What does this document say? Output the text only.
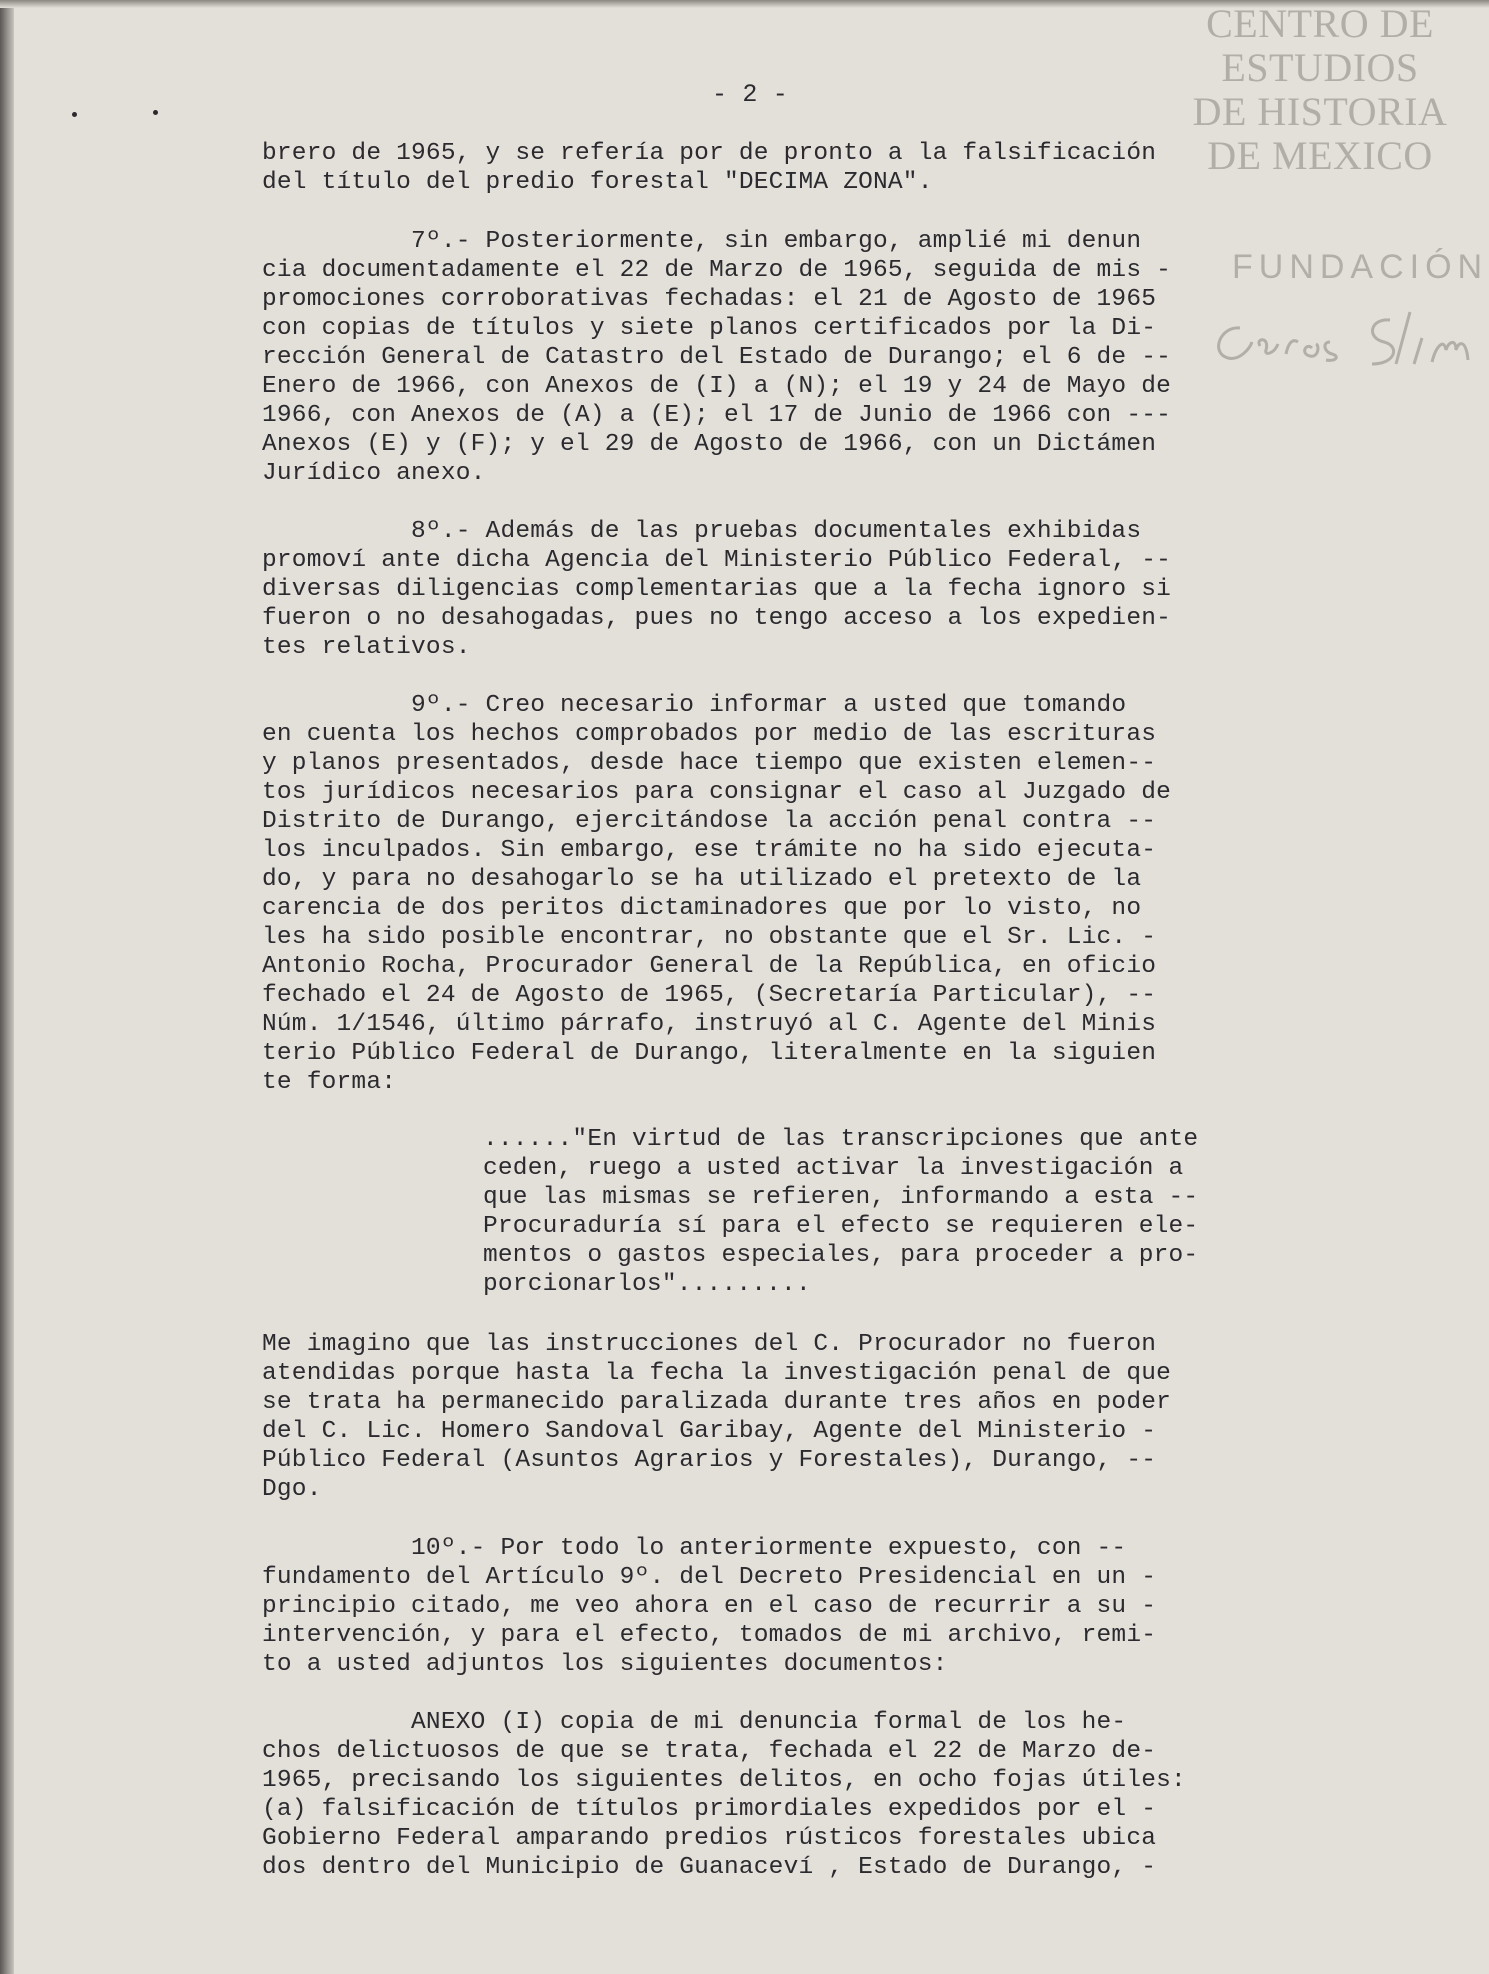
CENTRO DE
ESTUDIOS
DE HISTORIA
DE MEXICO
FUNDACIÓN
- 2 -
brero de 1965, y se refería por de pronto a la falsificación
del título del predio forestal "DECIMA ZONA".
7º.- Posteriormente, sin embargo, amplié mi denun
cia documentadamente el 22 de Marzo de 1965, seguida de mis -
promociones corroborativas fechadas: el 21 de Agosto de 1965
con copias de títulos y siete planos certificados por la Di-
rección General de Catastro del Estado de Durango; el 6 de --
Enero de 1966, con Anexos de (I) a (N); el 19 y 24 de Mayo de
1966, con Anexos de (A) a (E); el 17 de Junio de 1966 con ---
Anexos (E) y (F); y el 29 de Agosto de 1966, con un Dictámen
Jurídico anexo.
8º.- Además de las pruebas documentales exhibidas
promoví ante dicha Agencia del Ministerio Público Federal, --
diversas diligencias complementarias que a la fecha ignoro si
fueron o no desahogadas, pues no tengo acceso a los expedien-
tes relativos.
9º.- Creo necesario informar a usted que tomando
en cuenta los hechos comprobados por medio de las escrituras
y planos presentados, desde hace tiempo que existen elemen--
tos jurídicos necesarios para consignar el caso al Juzgado de
Distrito de Durango, ejercitándose la acción penal contra --
los inculpados. Sin embargo, ese trámite no ha sido ejecuta-
do, y para no desahogarlo se ha utilizado el pretexto de la
carencia de dos peritos dictaminadores que por lo visto, no
les ha sido posible encontrar, no obstante que el Sr. Lic. -
Antonio Rocha, Procurador General de la República, en oficio
fechado el 24 de Agosto de 1965, (Secretaría Particular), --
Núm. 1/1546, último párrafo, instruyó al C. Agente del Minis
terio Público Federal de Durango, literalmente en la siguien
te forma:
......"En virtud de las transcripciones que ante
ceden, ruego a usted activar la investigación a
que las mismas se refieren, informando a esta --
Procuraduría sí para el efecto se requieren ele-
mentos o gastos especiales, para proceder a pro-
porcionarlos".........
Me imagino que las instrucciones del C. Procurador no fueron
atendidas porque hasta la fecha la investigación penal de que
se trata ha permanecido paralizada durante tres años en poder
del C. Lic. Homero Sandoval Garibay, Agente del Ministerio -
Público Federal (Asuntos Agrarios y Forestales), Durango, --
Dgo.
10º.- Por todo lo anteriormente expuesto, con --
fundamento del Artículo 9º. del Decreto Presidencial en un -
principio citado, me veo ahora en el caso de recurrir a su -
intervención, y para el efecto, tomados de mi archivo, remi-
to a usted adjuntos los siguientes documentos:
ANEXO (I) copia de mi denuncia formal de los he-
chos delictuosos de que se trata, fechada el 22 de Marzo de-
1965, precisando los siguientes delitos, en ocho fojas útiles:
(a) falsificación de títulos primordiales expedidos por el -
Gobierno Federal amparando predios rústicos forestales ubica
dos dentro del Municipio de Guanaceví , Estado de Durango, -
